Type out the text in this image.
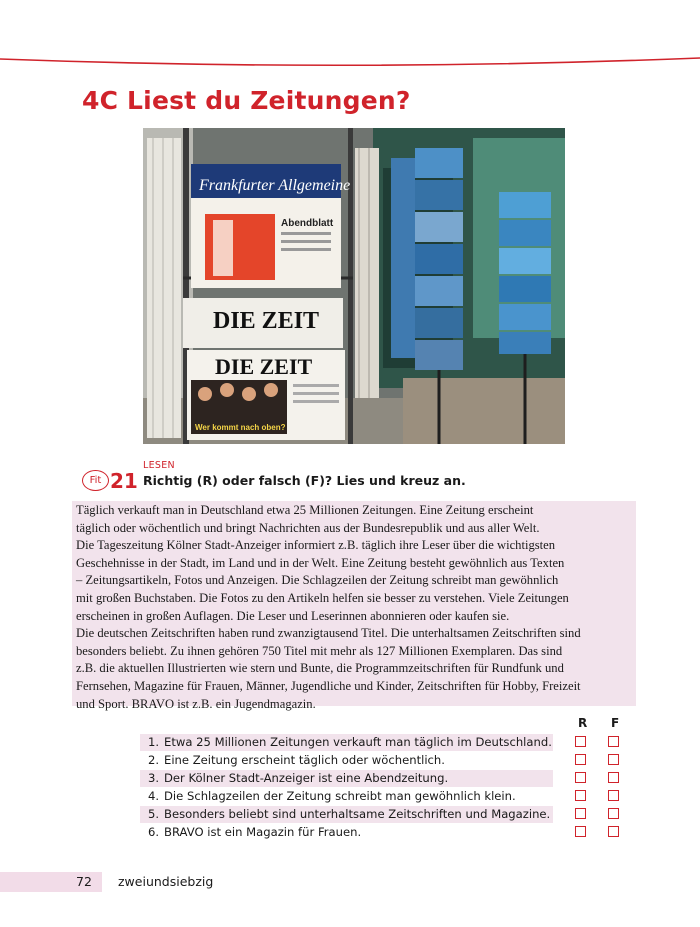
4C Liest du Zeitungen?
Frankfurter Allgemeine
Abendblatt
DIE ZEIT
DIE ZEIT
Wer kommt nach oben?
Fit 21
LESEN
Richtig (R) oder falsch (F)? Lies und kreuz an.

Täglich verkauft man in Deutschland etwa 25 Millionen Zeitungen. Eine Zeitung erscheint

täglich oder wöchentlich und bringt Nachrichten aus der Bundesrepublik und aus aller Welt.

Die Tageszeitung Kölner Stadt-Anzeiger informiert z.B. täglich ihre Leser über die wichtigsten

Geschehnisse in der Stadt, im Land und in der Welt. Eine Zeitung besteht gewöhnlich aus Texten

– Zeitungsartikeln, Fotos und Anzeigen. Die Schlagzeilen der Zeitung schreibt man gewöhnlich

mit großen Buchstaben. Die Fotos zu den Artikeln helfen sie besser zu verstehen. Viele Zeitungen

erscheinen in großen Auflagen. Die Leser und Leserinnen abonnieren oder kaufen sie.

Die deutschen Zeitschriften haben rund zwanzigtausend Titel. Die unterhaltsamen Zeitschriften sind

besonders beliebt. Zu ihnen gehören 750 Titel mit mehr als 127 Millionen Exemplaren. Das sind

z.B. die aktuellen Illustrierten wie stern und Bunte, die Programmzeitschriften für Rundfunk und

Fernsehen, Magazine für Frauen, Männer, Jugendliche und Kinder, Zeitschriften für Hobby, Freizeit

und Sport. BRAVO ist z.B. ein Jugendmagazin.

R F
1. Etwa 25 Millionen Zeitungen verkauft man täglich im Deutschland.
2. Eine Zeitung erscheint täglich oder wöchentlich.
3. Der Kölner Stadt-Anzeiger ist eine Abendzeitung.
4. Die Schlagzeilen der Zeitung schreibt man gewöhnlich klein.
5. Besonders beliebt sind unterhaltsame Zeitschriften und Magazine.
6. BRAVO ist ein Magazin für Frauen.
72 zweiundsiebzig
